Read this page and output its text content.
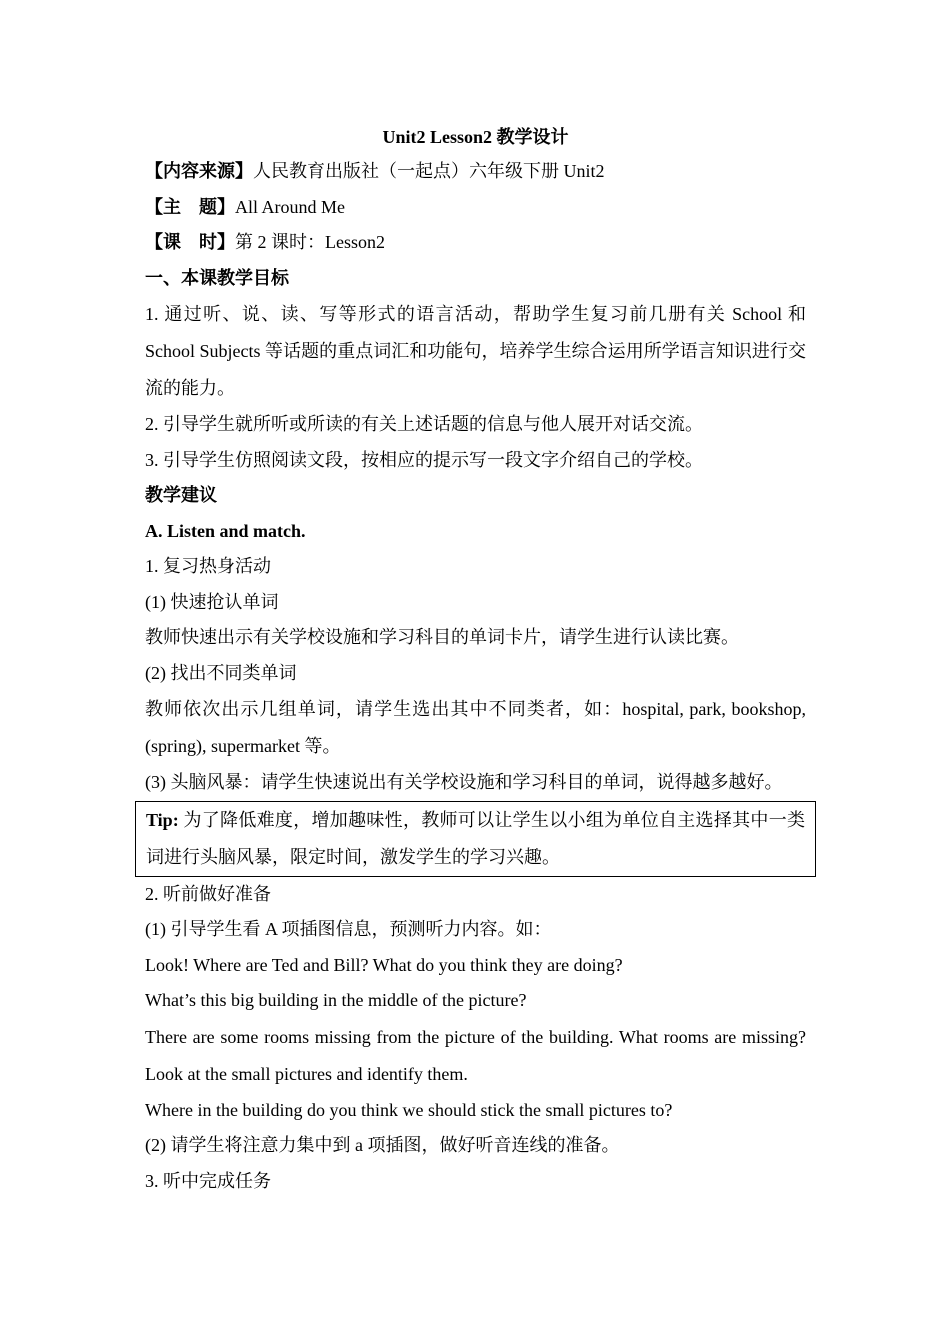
Unit2 Lesson2 教学设计
【内容来源】人民教育出版社（一起点）六年级下册 Unit2
【主　题】All Around Me
【课　时】第 2 课时：Lesson2
一、本课教学目标
1. 通过听、说、读、写等形式的语言活动，帮助学生复习前几册有关 School 和 School Subjects 等话题的重点词汇和功能句，培养学生综合运用所学语言知识进行交流的能力。
2. 引导学生就所听或所读的有关上述话题的信息与他人展开对话交流。
3. 引导学生仿照阅读文段，按相应的提示写一段文字介绍自己的学校。
教学建议
A. Listen and match.
1. 复习热身活动
(1) 快速抢认单词
教师快速出示有关学校设施和学习科目的单词卡片，请学生进行认读比赛。
(2) 找出不同类单词
教师依次出示几组单词，请学生选出其中不同类者，如：hospital, park, bookshop, (spring), supermarket 等。
(3) 头脑风暴：请学生快速说出有关学校设施和学习科目的单词，说得越多越好。
Tip: 为了降低难度，增加趣味性，教师可以让学生以小组为单位自主选择其中一类词进行头脑风暴，限定时间，激发学生的学习兴趣。
2. 听前做好准备
(1) 引导学生看 A 项插图信息，预测听力内容。如：
Look! Where are Ted and Bill? What do you think they are doing?
What’s this big building in the middle of the picture?
There are some rooms missing from the picture of the building. What rooms are missing? Look at the small pictures and identify them.
Where in the building do you think we should stick the small pictures to?
(2) 请学生将注意力集中到 a 项插图，做好听音连线的准备。
3. 听中完成任务
